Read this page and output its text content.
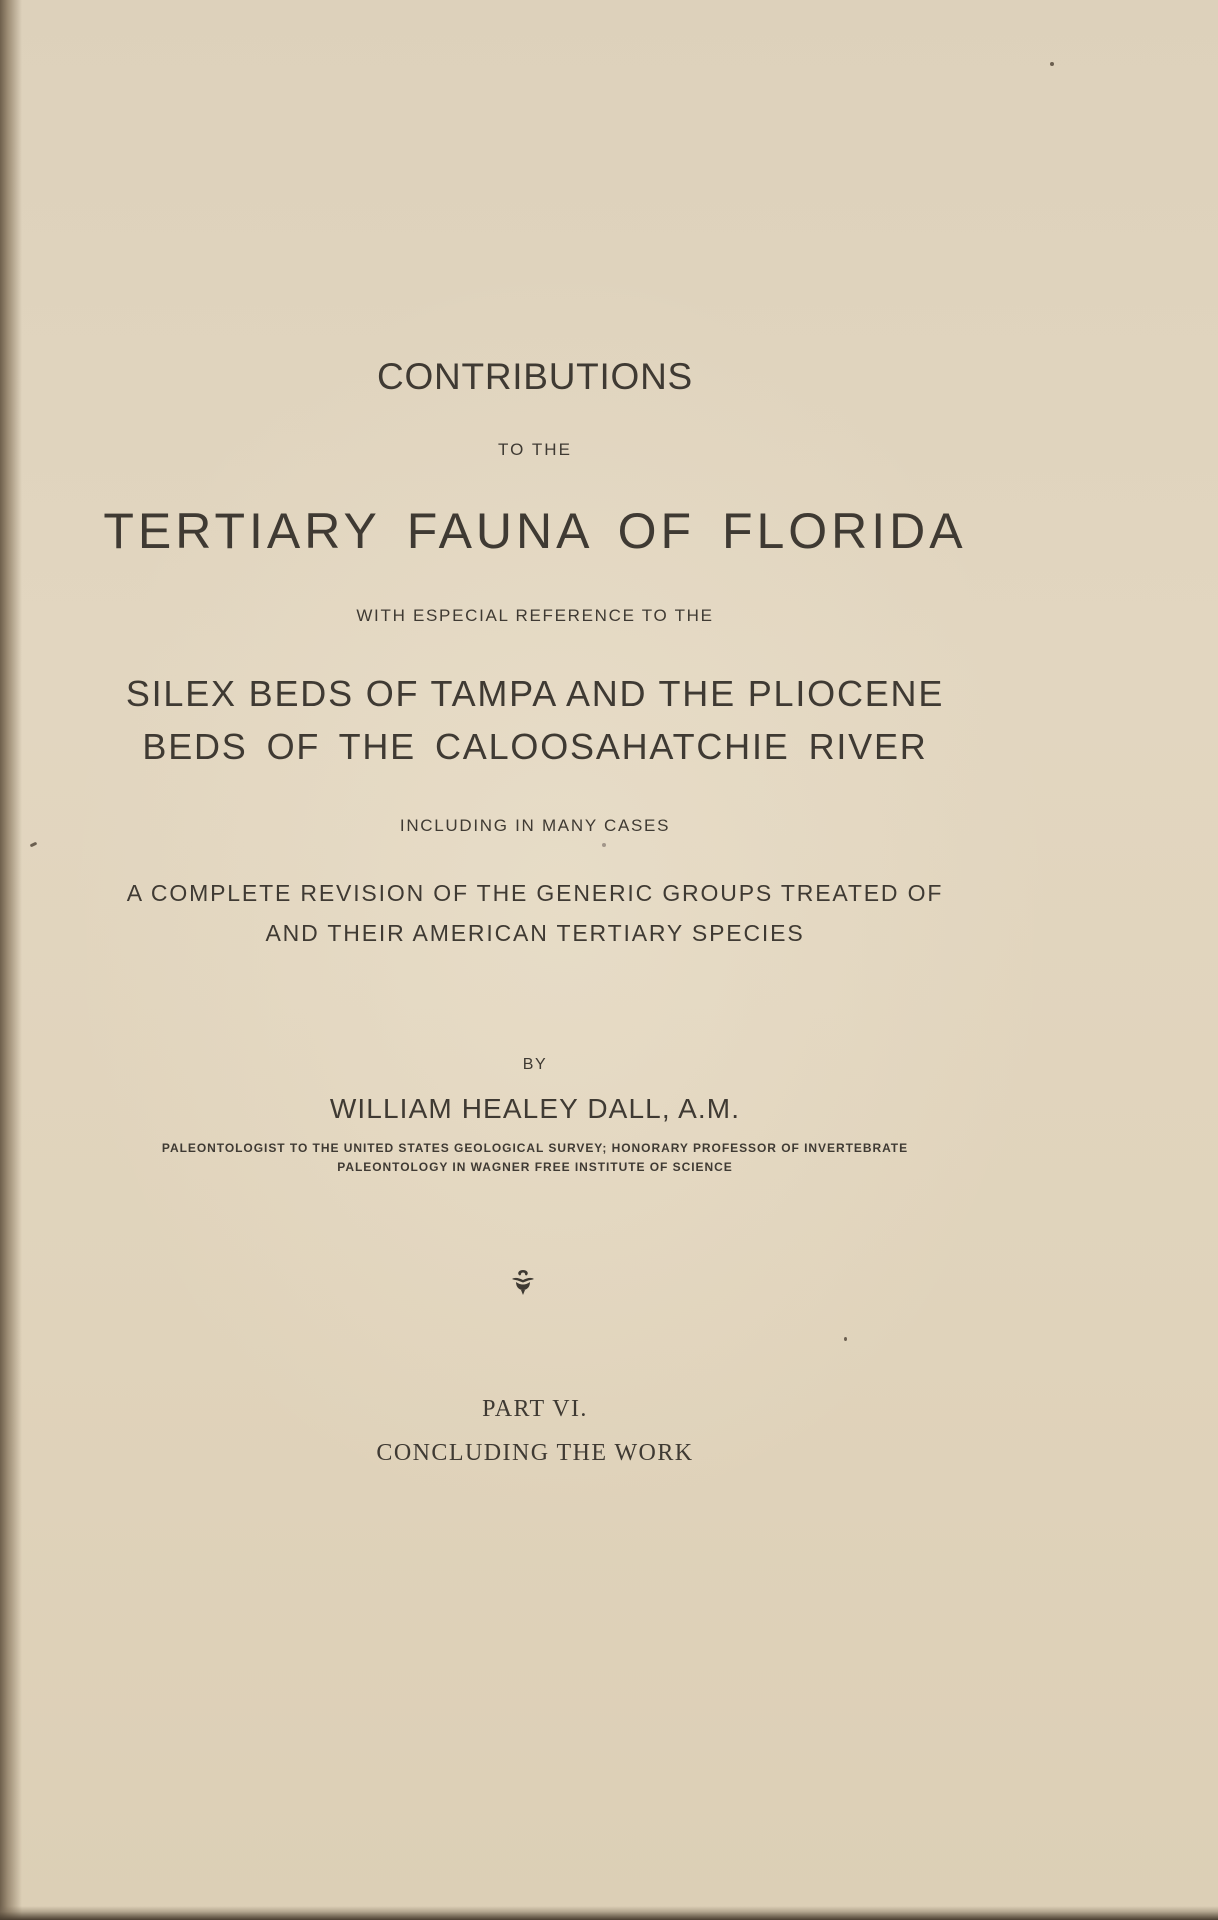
CONTRIBUTIONS
TO THE
TERTIARY FAUNA OF FLORIDA
WITH ESPECIAL REFERENCE TO THE
SILEX BEDS OF TAMPA AND THE PLIOCENE
BEDS OF THE CALOOSAHATCHIE RIVER
INCLUDING IN MANY CASES
A COMPLETE REVISION OF THE GENERIC GROUPS TREATED OF
AND THEIR AMERICAN TERTIARY SPECIES
BY
WILLIAM HEALEY DALL, A.M.
PALEONTOLOGIST TO THE UNITED STATES GEOLOGICAL SURVEY; HONORARY PROFESSOR OF INVERTEBRATE
PALEONTOLOGY IN WAGNER FREE INSTITUTE OF SCIENCE
PART VI.
CONCLUDING THE WORK
